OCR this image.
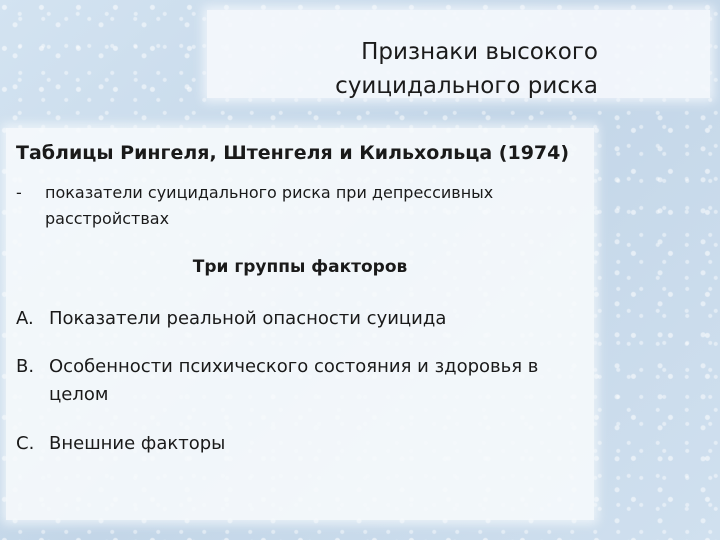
Признаки высокого
суицидального риска
Таблицы Рингеля, Штенгеля и Кильхольца (1974)
-	показатели суицидального риска при депрессивных расстройствах
Три группы факторов
A. Показатели реальной опасности суицида
B. Особенности психического состояния и здоровья в целом
C. Внешние факторы
